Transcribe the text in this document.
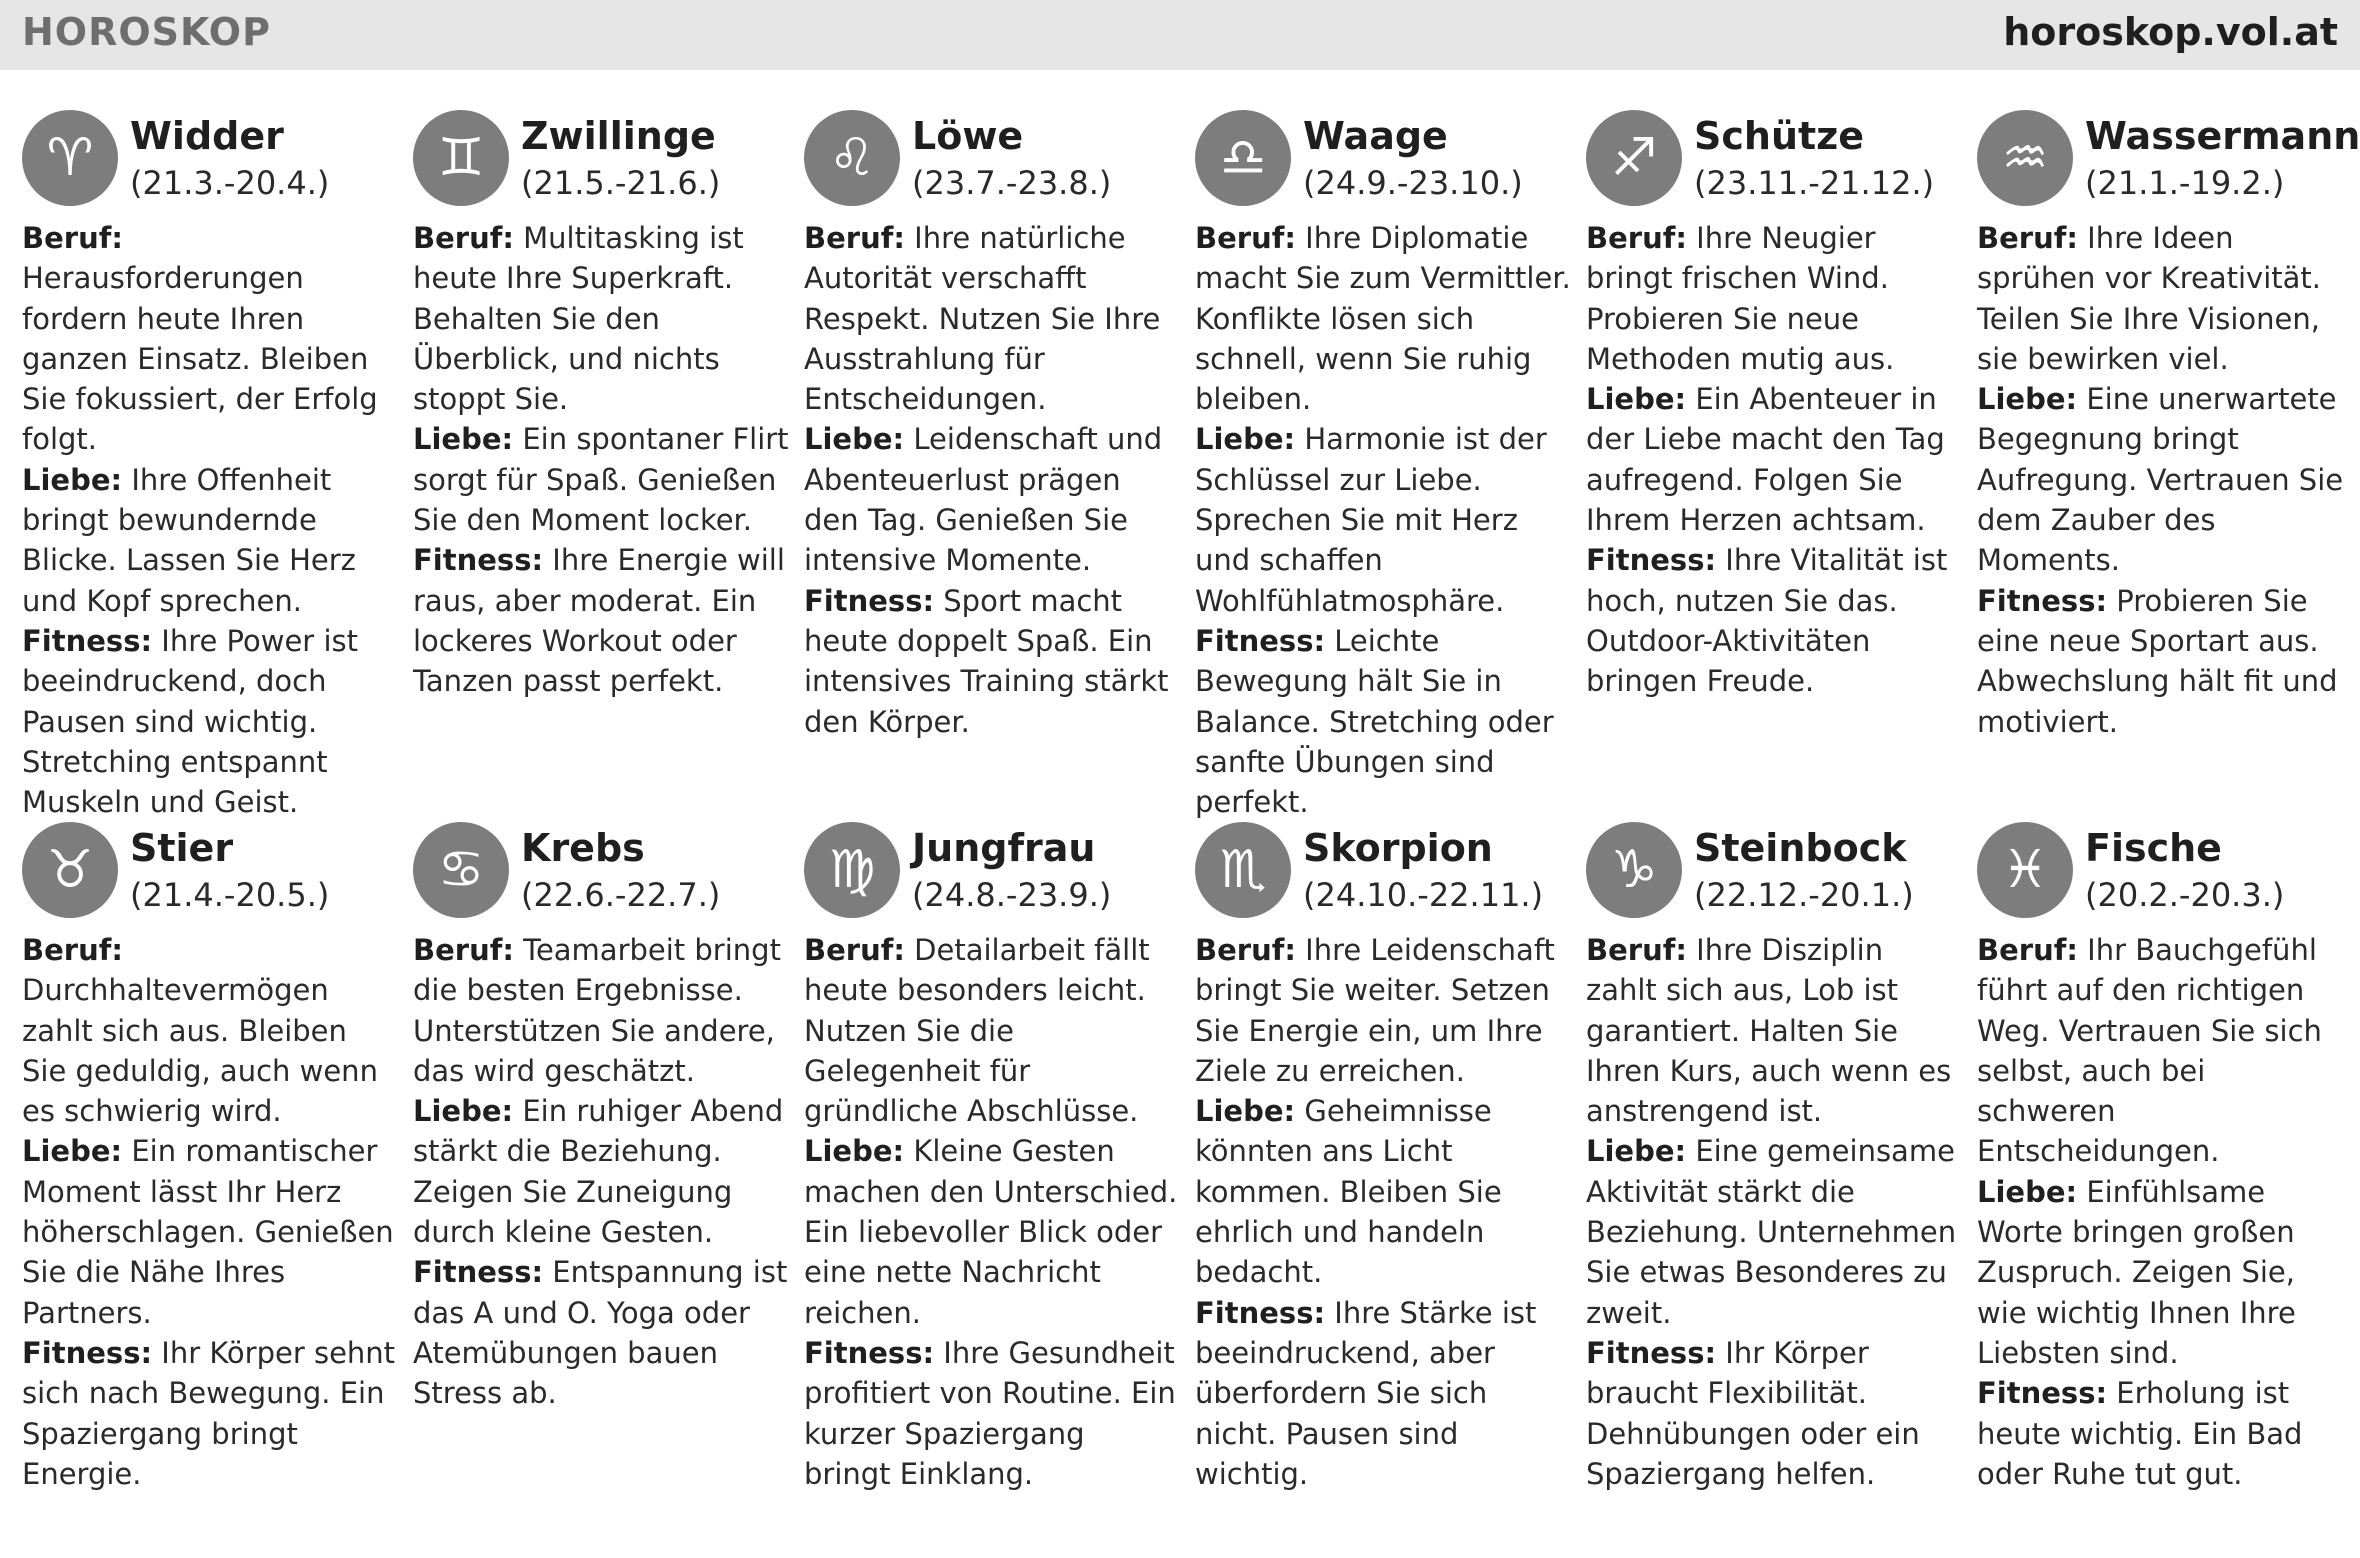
HOROSKOP	horoskop.vol.at
♈ Widder
(21.3.-20.4.)

Beruf: Herausforderungen fordern heute Ihren ganzen Einsatz. Bleiben Sie fokussiert, der Erfolg folgt.

Liebe: Ihre Offenheit bringt bewundernde Blicke. Lassen Sie Herz und Kopf sprechen.

Fitness: Ihre Power ist beeindruckend, doch Pausen sind wichtig. Stretching entspannt Muskeln und Geist.

♊ Zwillinge
(21.5.-21.6.)

Beruf: Multitasking ist heute Ihre Superkraft. Behalten Sie den Überblick, und nichts stoppt Sie.

Liebe: Ein spontaner Flirt sorgt für Spaß. Genießen Sie den Moment locker.

Fitness: Ihre Energie will raus, aber moderat. Ein lockeres Workout oder Tanzen passt perfekt.

♌ Löwe
(23.7.-23.8.)

Beruf: Ihre natürliche Autorität verschafft Respekt. Nutzen Sie Ihre Ausstrahlung für Entscheidungen.

Liebe: Leidenschaft und Abenteuerlust prägen den Tag. Genießen Sie intensive Momente.

Fitness: Sport macht heute doppelt Spaß. Ein intensives Training stärkt den Körper.

♎ Waage
(24.9.-23.10.)

Beruf: Ihre Diplomatie macht Sie zum Vermittler. Konflikte lösen sich schnell, wenn Sie ruhig bleiben.

Liebe: Harmonie ist der Schlüssel zur Liebe. Sprechen Sie mit Herz und schaffen Wohlfühlatmosphäre.

Fitness: Leichte Bewegung hält Sie in Balance. Stretching oder sanfte Übungen sind perfekt.

♐ Schütze
(23.11.-21.12.)

Beruf: Ihre Neugier bringt frischen Wind. Probieren Sie neue Methoden mutig aus.

Liebe: Ein Abenteuer in der Liebe macht den Tag aufregend. Folgen Sie Ihrem Herzen achtsam.

Fitness: Ihre Vitalität ist hoch, nutzen Sie das. Outdoor-Aktivitäten bringen Freude.

♒ Wassermann
(21.1.-19.2.)

Beruf: Ihre Ideen sprühen vor Kreativität. Teilen Sie Ihre Visionen, sie bewirken viel.

Liebe: Eine unerwartete Begegnung bringt Aufregung. Vertrauen Sie dem Zauber des Moments.

Fitness: Probieren Sie eine neue Sportart aus. Abwechslung hält fit und motiviert.

♉ Stier
(21.4.-20.5.)

Beruf: Durchhaltevermögen zahlt sich aus. Bleiben Sie geduldig, auch wenn es schwierig wird.

Liebe: Ein romantischer Moment lässt Ihr Herz höherschlagen. Genießen Sie die Nähe Ihres Partners.

Fitness: Ihr Körper sehnt sich nach Bewegung. Ein Spaziergang bringt Energie.

♋ Krebs
(22.6.-22.7.)

Beruf: Teamarbeit bringt die besten Ergebnisse. Unterstützen Sie andere, das wird geschätzt.

Liebe: Ein ruhiger Abend stärkt die Beziehung. Zeigen Sie Zuneigung durch kleine Gesten.

Fitness: Entspannung ist das A und O. Yoga oder Atemübungen bauen Stress ab.

♍ Jungfrau
(24.8.-23.9.)

Beruf: Detailarbeit fällt heute besonders leicht. Nutzen Sie die Gelegenheit für gründliche Abschlüsse.

Liebe: Kleine Gesten machen den Unterschied. Ein liebevoller Blick oder eine nette Nachricht reichen.

Fitness: Ihre Gesundheit profitiert von Routine. Ein kurzer Spaziergang bringt Einklang.

♏ Skorpion
(24.10.-22.11.)

Beruf: Ihre Leidenschaft bringt Sie weiter. Setzen Sie Energie ein, um Ihre Ziele zu erreichen.

Liebe: Geheimnisse könnten ans Licht kommen. Bleiben Sie ehrlich und handeln bedacht.

Fitness: Ihre Stärke ist beeindruckend, aber überfordern Sie sich nicht. Pausen sind wichtig.

♑ Steinbock
(22.12.-20.1.)

Beruf: Ihre Disziplin zahlt sich aus, Lob ist garantiert. Halten Sie Ihren Kurs, auch wenn es anstrengend ist.

Liebe: Eine gemeinsame Aktivität stärkt die Beziehung. Unternehmen Sie etwas Besonderes zu zweit.

Fitness: Ihr Körper braucht Flexibilität. Dehnübungen oder ein Spaziergang helfen.

♓ Fische
(20.2.-20.3.)

Beruf: Ihr Bauchgefühl führt auf den richtigen Weg. Vertrauen Sie sich selbst, auch bei schweren Entscheidungen.

Liebe: Einfühlsame Worte bringen großen Zuspruch. Zeigen Sie, wie wichtig Ihnen Ihre Liebsten sind.

Fitness: Erholung ist heute wichtig. Ein Bad oder Ruhe tut gut.
